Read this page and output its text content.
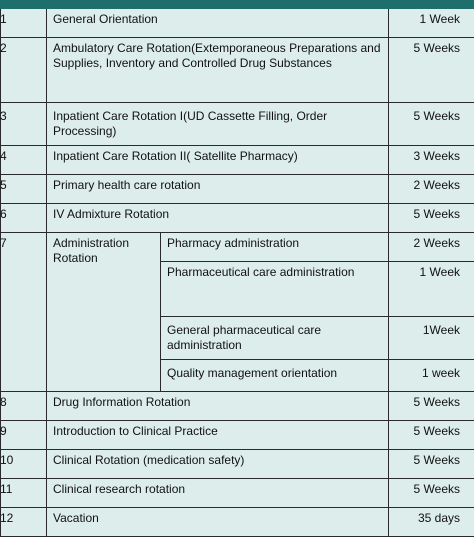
1	General Orientation		1 Week
2	Ambulatory Care Rotation(Extemporaneous Preparations and Supplies, Inventory and Controlled Drug Substances		5 Weeks
3	Inpatient Care Rotation I(UD Cassette Filling, Order Processing)		5 Weeks
4	Inpatient Care Rotation II( Satellite Pharmacy)		3 Weeks
5	Primary health care rotation		2 Weeks
6	IV Admixture Rotation		5 Weeks
7	Administration Rotation	Pharmacy administration	2 Weeks
		Pharmaceutical care administration	1 Week
		General pharmaceutical care administration	1Week
		Quality management orientation	1 week
8	Drug Information Rotation		5 Weeks
9	Introduction to Clinical Practice		5 Weeks
10	Clinical Rotation (medication safety)		5 Weeks
11	Clinical research rotation		5 Weeks
12	Vacation		35 days
